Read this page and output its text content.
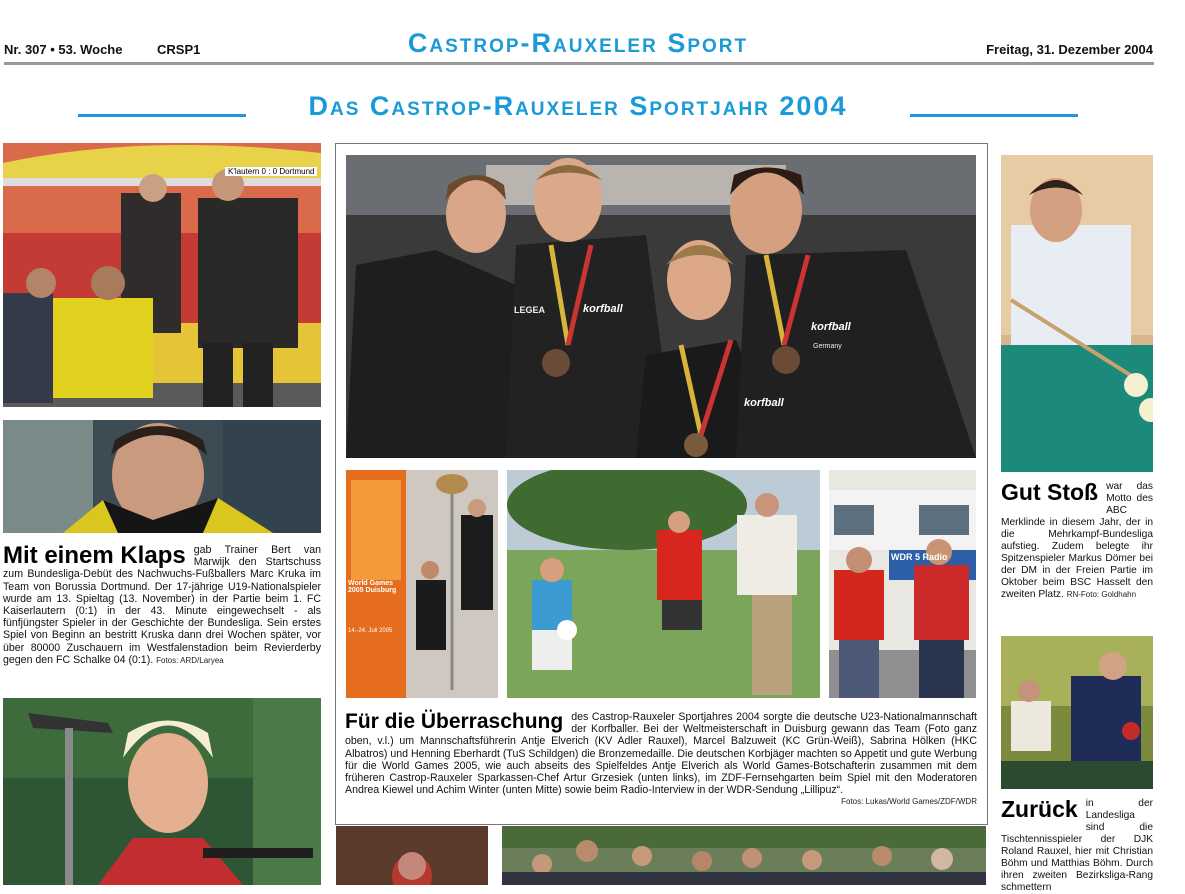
Nr. 307 • 53. Woche	CRSP1	Castrop-Rauxeler Sport	Freitag, 31. Dezember 2004
Das Castrop-Rauxeler Sportjahr 2004
K'lautern 0 : 0 Dortmund
Mit einem Klaps gab Trainer Bert van Marwijk den Startschuss zum Bundesliga-Debüt des Nachwuchs-Fußballers Marc Kruka im Team von Borussia Dortmund. Der 17-jährige U19-Nationalspieler wurde am 13. Spieltag (13. November) in der Partie beim 1. FC Kaiserlautern (0:1) in der 43. Minute eingewechselt - als fünfjüngster Spieler in der Geschichte der Bundesliga. Sein erstes Spiel von Beginn an bestritt Kruska dann drei Wochen später, vor über 80000 Zuschauern im Westfalenstadion beim Revierderby gegen den FC Schalke 04 (0:1). Fotos: ARD/Laryea
korfball
LEGEA
korfball
korfball
Germany
World Games 2005 Duisburg
14.-24. Juli 2005
WDR 5 Radio
Für die Überraschung des Castrop-Rauxeler Sportjahres 2004 sorgte die deutsche U23-Nationalmannschaft der Korfballer. Bei der Weltmeisterschaft in Duisburg gewann das Team (Foto ganz oben, v.l.) um Mannschaftsführerin Antje Elverich (KV Adler Rauxel), Marcel Balzuweit (KC Grün-Weiß), Sabrina Hölken (HKC Albatros) und Henning Eberhardt (TuS Schildgen) die Bronzemedaille. Die deutschen Korbjäger machten so Appetit und gute Werbung für die World Games 2005, wie auch abseits des Spielfeldes Antje Elverich als World Games-Botschafterin zusammen mit dem früheren Castrop-Rauxeler Sparkassen-Chef Artur Grzesiek (unten links), im ZDF-Fernsehgarten beim Spiel mit den Moderatoren Andrea Kiewel und Achim Winter (unten Mitte) sowie beim Radio-Interview in der WDR-Sendung „Lillipuz“.
Fotos: Lukas/World Games/ZDF/WDR
Gut Stoß war das Motto des ABC Merklinde in diesem Jahr, der in die Mehrkampf-Bundesliga aufstieg. Zudem belegte ihr Spitzenspieler Markus Dömer bei der DM in der Freien Partie im Oktober beim BSC Hasselt den zweiten Platz. RN-Foto: Goldhahn
Zurück in der Landesliga sind die Tischtennisspieler der DJK Roland Rauxel, hier mit Christian Böhm und Matthias Böhm. Durch ihren zweiten Bezirksliga-Rang schmettern
